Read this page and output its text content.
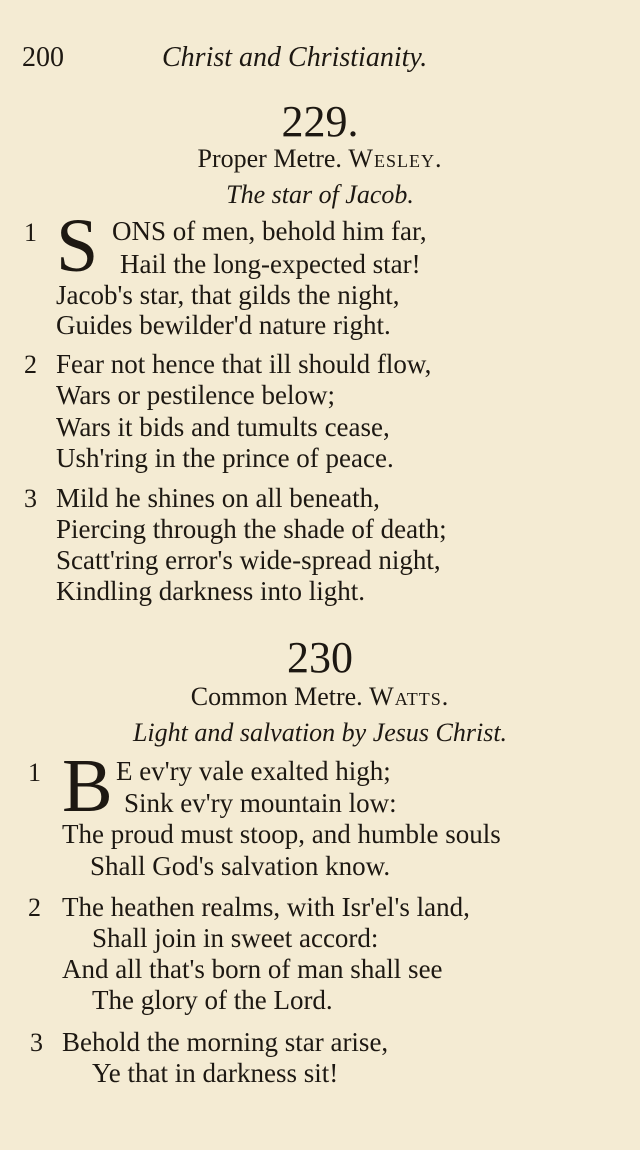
200	Christ and Christianity.
229.
Proper Metre. Wesley.
The star of Jacob.
1 S ONS of men, behold him far,
Hail the long-expected star!
Jacob's star, that gilds the night,
Guides bewilder'd nature right.
2 Fear not hence that ill should flow,
Wars or pestilence below;
Wars it bids and tumults cease,
Ush'ring in the prince of peace.
3 Mild he shines on all beneath,
Piercing through the shade of death;
Scatt'ring error's wide-spread night,
Kindling darkness into light.
230
Common Metre. Watts.
Light and salvation by Jesus Christ.
1 B E ev'ry vale exalted high;
Sink ev'ry mountain low:
The proud must stoop, and humble souls
Shall God's salvation know.
2 The heathen realms, with Isr'el's land,
Shall join in sweet accord:
And all that's born of man shall see
The glory of the Lord.
3 Behold the morning star arise,
Ye that in darkness sit!
